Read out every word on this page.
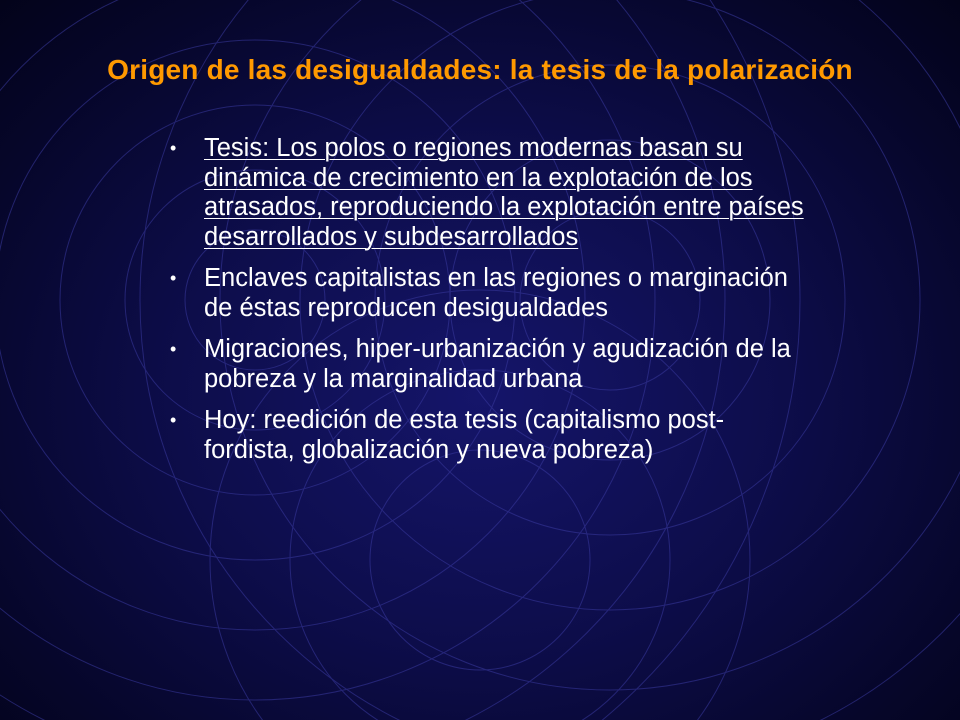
Origen de las desigualdades: la tesis de la polarización
• Tesis: Los polos o regiones modernas basan su dinámica de crecimiento en la explotación de los atrasados, reproduciendo la explotación entre países desarrollados y subdesarrollados
• Enclaves capitalistas en las regiones o marginación de éstas reproducen desigualdades
• Migraciones, hiper-urbanización y agudización de la pobreza y la marginalidad urbana
• Hoy: reedición de esta tesis (capitalismo post-fordista, globalización y nueva pobreza)
